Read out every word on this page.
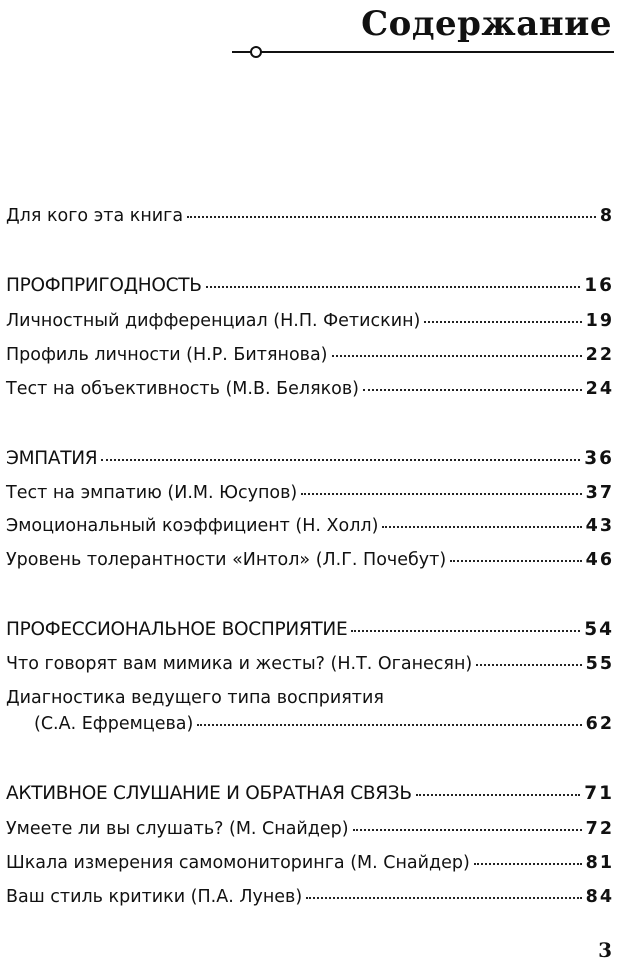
Содержание
Для кого эта книга	8
ПРОФПРИГОДНОСТЬ	16
Личностный дифференциал (Н.П. Фетискин)	19
Профиль личности (Н.Р. Битянова)	22
Тест на объективность (М.В. Беляков)	24
ЭМПАТИЯ	36
Тест на эмпатию (И.М. Юсупов)	37
Эмоциональный коэффициент (Н. Холл)	43
Уровень толерантности «Интол» (Л.Г. Почебут)	46
ПРОФЕССИОНАЛЬНОЕ ВОСПРИЯТИЕ	54
Что говорят вам мимика и жесты? (Н.Т. Оганесян)	55
Диагностика ведущего типа восприятия
(С.А. Ефремцева)	62
АКТИВНОЕ СЛУШАНИЕ И ОБРАТНАЯ СВЯЗЬ	71
Умеете ли вы слушать? (М. Снайдер)	72
Шкала измерения самомониторинга (М. Снайдер)	81
Ваш стиль критики (П.А. Лунев)	84
3
